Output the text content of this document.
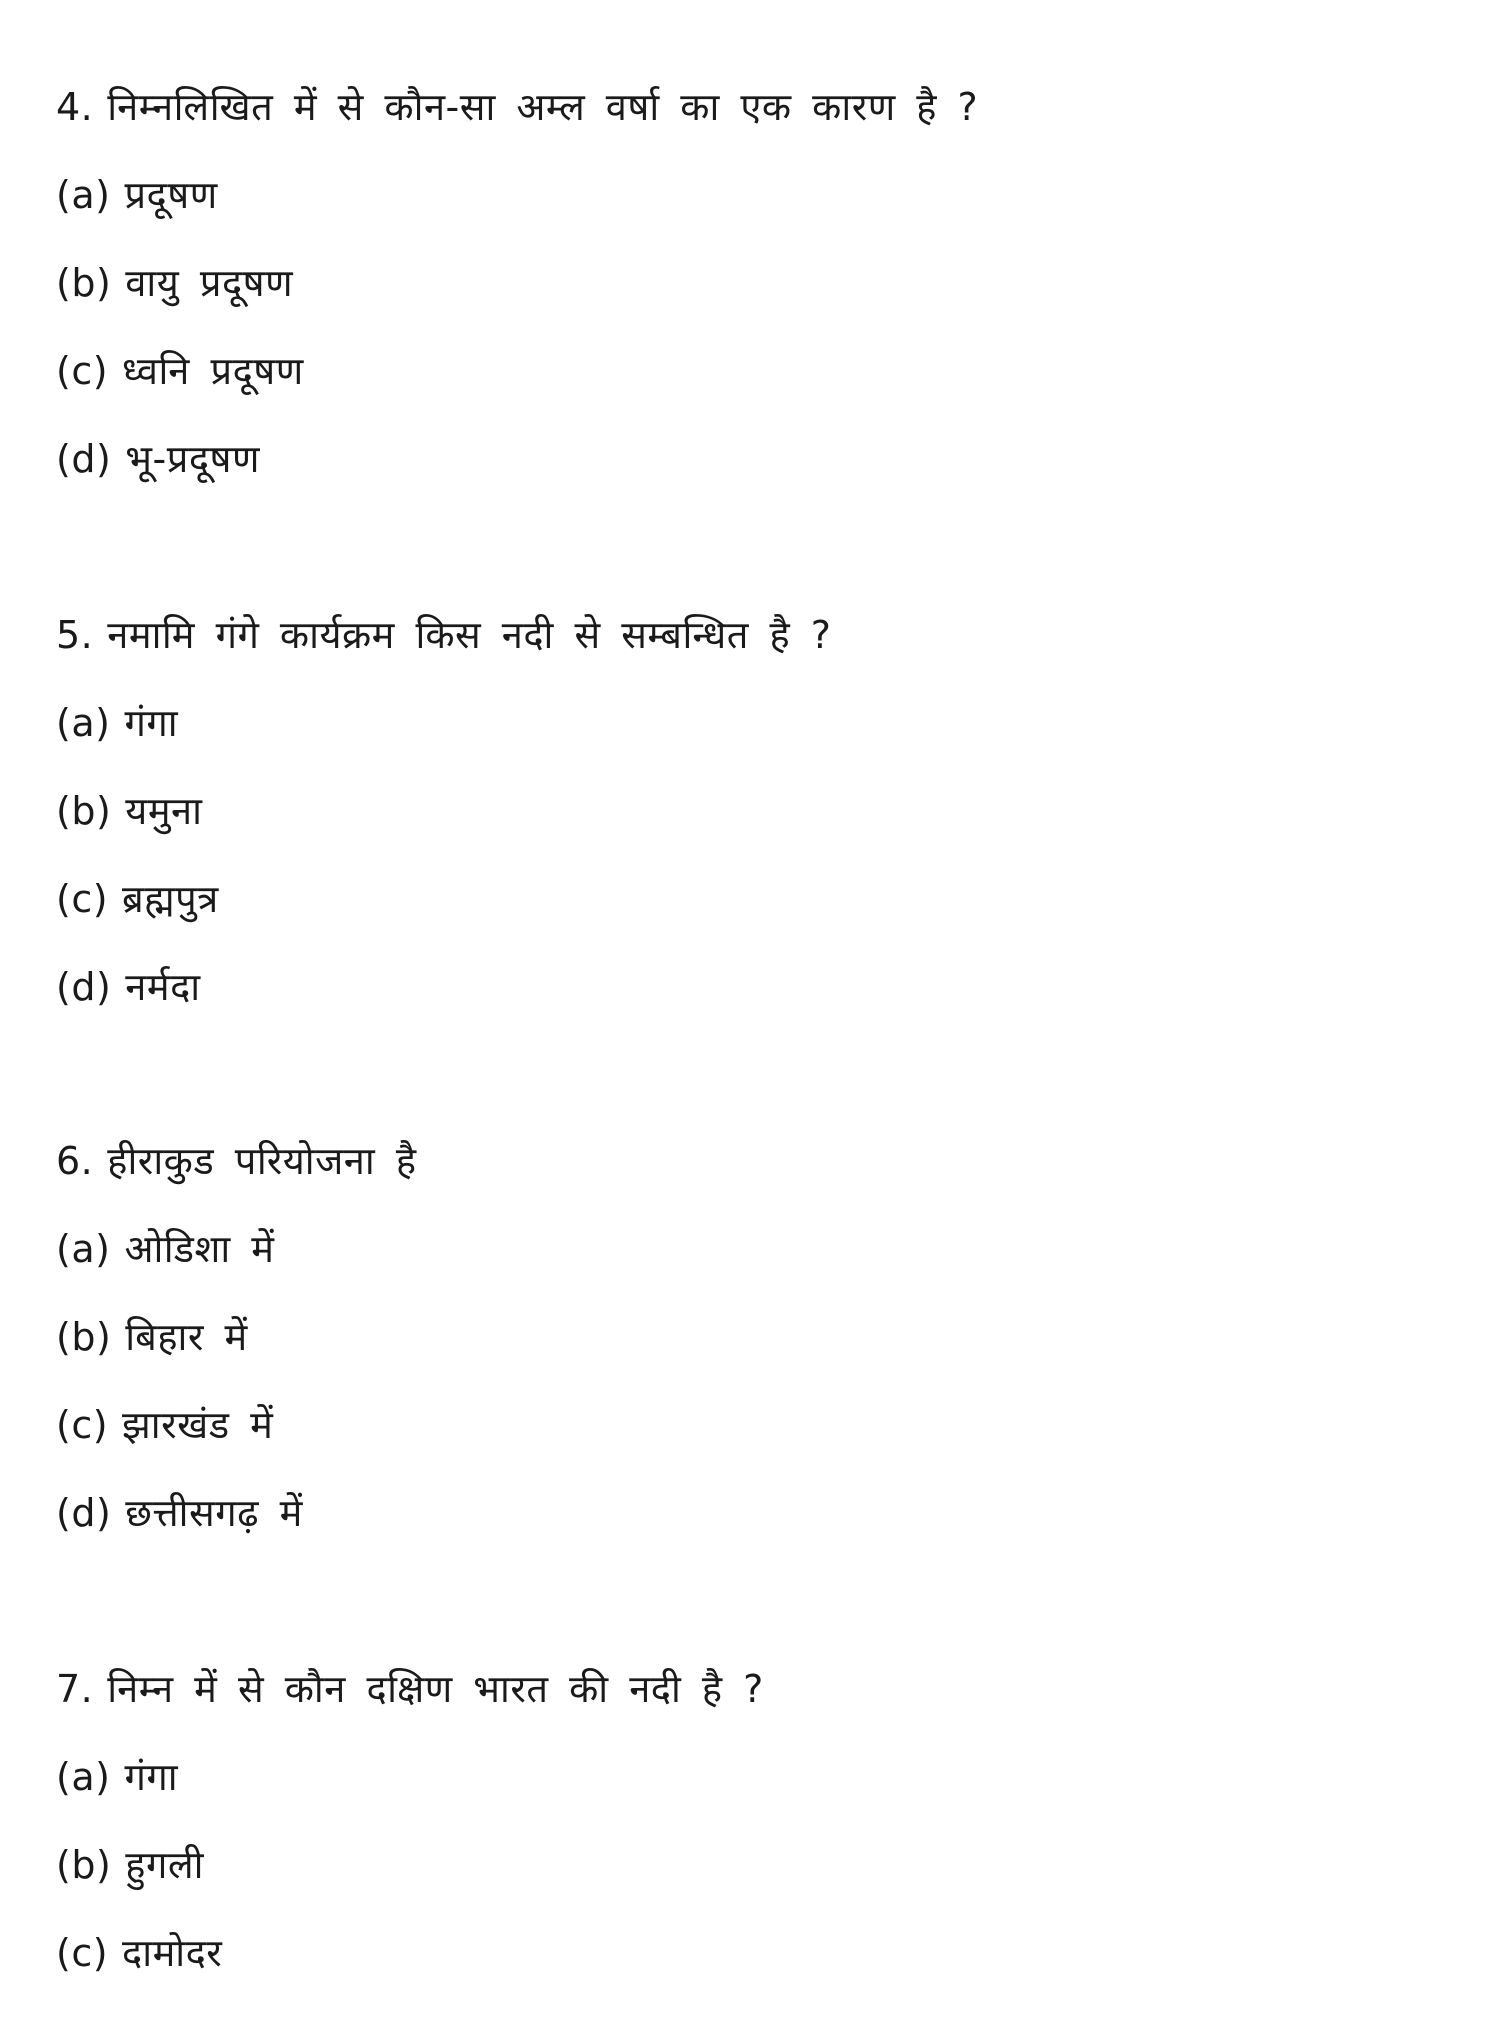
4. निम्नलिखित में से कौन-सा अम्ल वर्षा का एक कारण है ?

(a) प्रदूषण

(b) वायु प्रदूषण

(c) ध्वनि प्रदूषण

(d) भू-प्रदूषण

5. नमामि गंगे कार्यक्रम किस नदी से सम्बन्धित है ?

(a) गंगा

(b) यमुना

(c) ब्रह्मपुत्र

(d) नर्मदा

6. हीराकुड परियोजना है

(a) ओडिशा में

(b) बिहार में

(c) झारखंड में

(d) छत्तीसगढ़ में

7. निम्न में से कौन दक्षिण भारत की नदी है ?

(a) गंगा

(b) हुगली

(c) दामोदर
